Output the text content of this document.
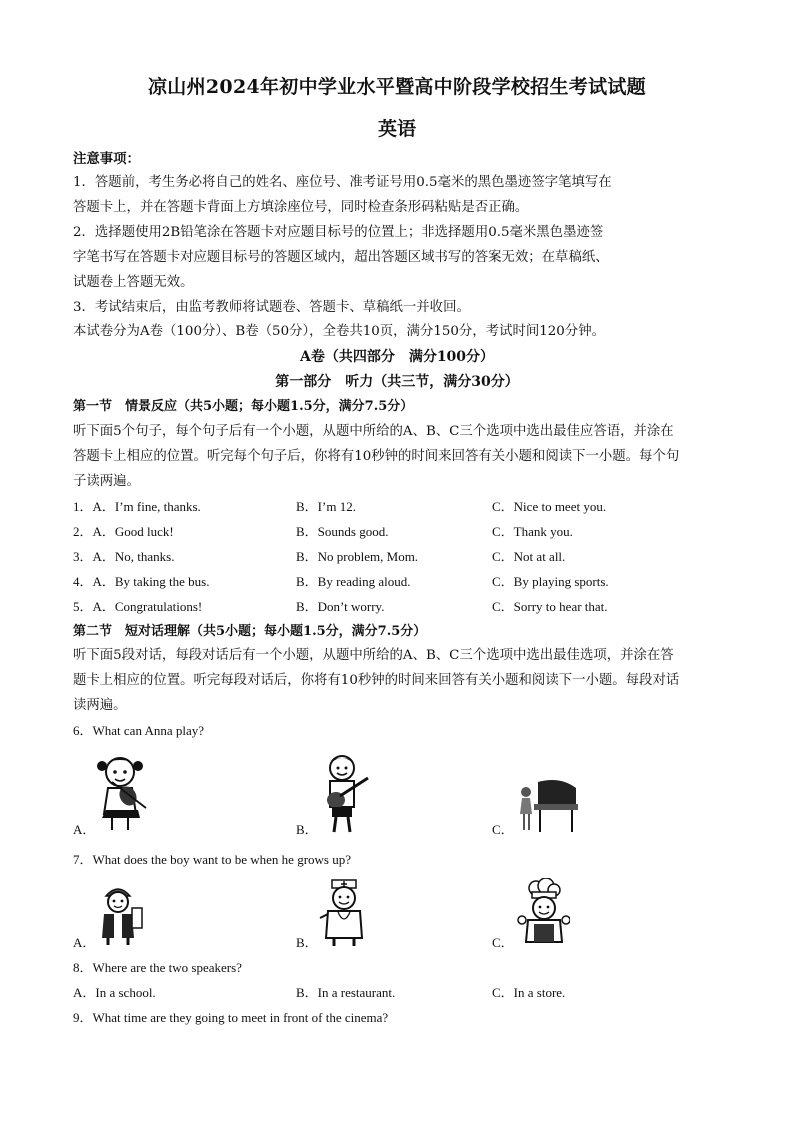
凉山州2024年初中学业水平暨高中阶段学校招生考试试题
英语
注意事项：
1．答题前，考生务必将自己的姓名、座位号、准考证号用0.5毫米的黑色墨迹签字笔填写在
答题卡上，并在答题卡背面上方填涂座位号，同时检查条形码粘贴是否正确。
2．选择题使用2B铅笔涂在答题卡对应题目标号的位置上；非选择题用0.5毫米黑色墨迹签
字笔书写在答题卡对应题目标号的答题区域内，超出答题区域书写的答案无效；在草稿纸、
试题卷上答题无效。
3．考试结束后，由监考教师将试题卷、答题卡、草稿纸一并收回。
本试卷分为A卷（100分）、B卷（50分），全卷共10页，满分150分，考试时间120分钟。
A卷（共四部分　满分100分）
第一部分　听力（共三节，满分30分）
第一节　情景反应（共5小题；每小题1.5分，满分7.5分）
听下面5个句子，每个句子后有一个小题，从题中所给的A、B、C三个选项中选出最佳应答语，并涂在
答题卡上相应的位置。听完每个句子后，你将有10秒钟的时间来回答有关小题和阅读下一小题。每个句
子读两遍。
1．A．I’m fine, thanks.	B．I’m 12.	C．Nice to meet you.
2．A．Good luck!	B．Sounds good.	C．Thank you.
3．A．No, thanks.	B．No problem, Mom.	C．Not at all.
4．A．By taking the bus.	B．By reading aloud.	C．By playing sports.
5．A．Congratulations!	B．Don’t worry.	C．Sorry to hear that.
第二节　短对话理解（共5小题；每小题1.5分，满分7.5分）
听下面5段对话，每段对话后有一个小题，从题中所给的A、B、C三个选项中选出最佳选项，并涂在答
题卡上相应的位置。听完每段对话后，你将有10秒钟的时间来回答有关小题和阅读下一小题。每段对话
读两遍。
6．What can Anna play?
A．	B．	C．
7．What does the boy want to be when he grows up?
A．	B．	C．
8．Where are the two speakers?
A．In a school.	B．In a restaurant.	C．In a store.
9．What time are they going to meet in front of the cinema?
